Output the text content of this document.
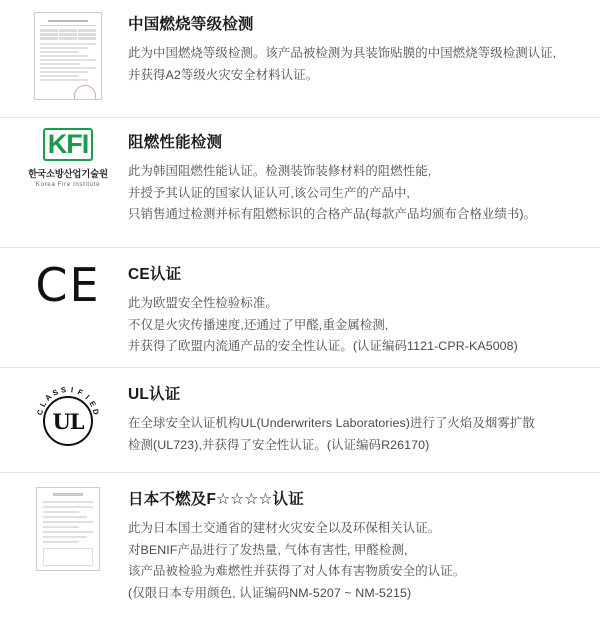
中国燃烧等级检测

此为中国燃烧等级检测。该产品被检测为具装饰贴膜的中国燃烧等级检测认证,

并获得A2等级火灾安全材料认证。

KFI
한국소방산업기술원
Korea Fire Institute
阻燃性能检测

此为韩国阻燃性能认证。检测装饰装修材料的阻燃性能,

并授予其认证的国家认证认可,该公司生产的产品中,

只销售通过检测并标有阻燃标识的合格产品(每款产品均颁布合格业绩书)。

CE CE认证

此为欧盟安全性检验标准。

不仅是火灾传播速度,还通过了甲醛,重金属检测,

并获得了欧盟内流通产品的安全性认证。(认证编码1121-CPR-KA5008)

C
L
A
S S I F
I
E
D
UL
UL认证

在全球安全认证机构UL(Underwriters Laboratories)进行了火焰及烟雾扩散

检测(UL723),并获得了安全性认证。(认证编码R26170)

日本不燃及F☆☆☆☆认证

此为日本国土交通省的建材火灾安全以及环保相关认证。

对BENIF产品进行了发热量, 气体有害性, 甲醛检测,

该产品被检验为难燃性并获得了对人体有害物质安全的认证。

(仅限日本专用颜色, 认证编码NM-5207 ~ NM-5215)
